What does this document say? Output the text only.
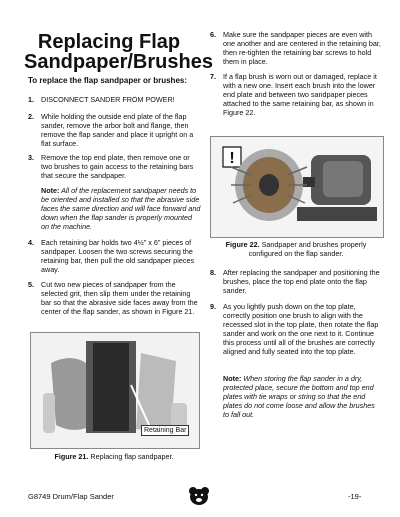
Replacing Flap Sandpaper/Brushes
To replace the flap sandpaper or brushes:
1. DISCONNECT SANDER FROM POWER!
2. While holding the outside end plate of the flap sander, remove the arbor bolt and flange, then remove the flap sander and place it upright on a flat surface.
3. Remove the top end plate, then remove one or two brushes to gain access to the retaining bars that secure the sandpaper.
Note: All of the replacement sandpaper needs to be oriented and installed so that the abrasive side faces the same direction and will face forward and down when the flap sander is properly mounted on the machine.
4. Each retaining bar holds two 4½" x 6" pieces of sandpaper. Loosen the two screws securing the retaining bar, then pull the old sandpaper pieces away.
5. Cut two new pieces of sandpaper from the selected grit, then slip them under the retaining bar so that the abrasive side faces away from the center of the flap sander, as shown in Figure 21.
Retaining Bar
Figure 21. Replacing flap sandpaper.
6. Make sure the sandpaper pieces are even with one another and are centered in the retaining bar, then re-tighten the retaining bar screws to hold them in place.
7. If a flap brush is worn out or damaged, replace it with a new one. Insert each brush into the lower end plate and between two sandpaper pieces attached to the same retaining bar, as shown in Figure 22.
!
Figure 22. Sandpaper and brushes properly configured on the flap sander.
8. After replacing the sandpaper and positioning the brushes, place the top end plate onto the flap sander.
9. As you lightly push down on the top plate, correctly position one brush to align with the recessed slot in the top plate, then rotate the flap sander and work on the one next to it. Continue this process until all of the brushes are correctly aligned and fully seated into the top plate.
Note: When storing the flap sander in a dry, protected place, secure the bottom and top end plates with tie wraps or string so that the end plates do not come loose and allow the brushes to fall out.
G8749 Drum/Flap Sander	-19-
